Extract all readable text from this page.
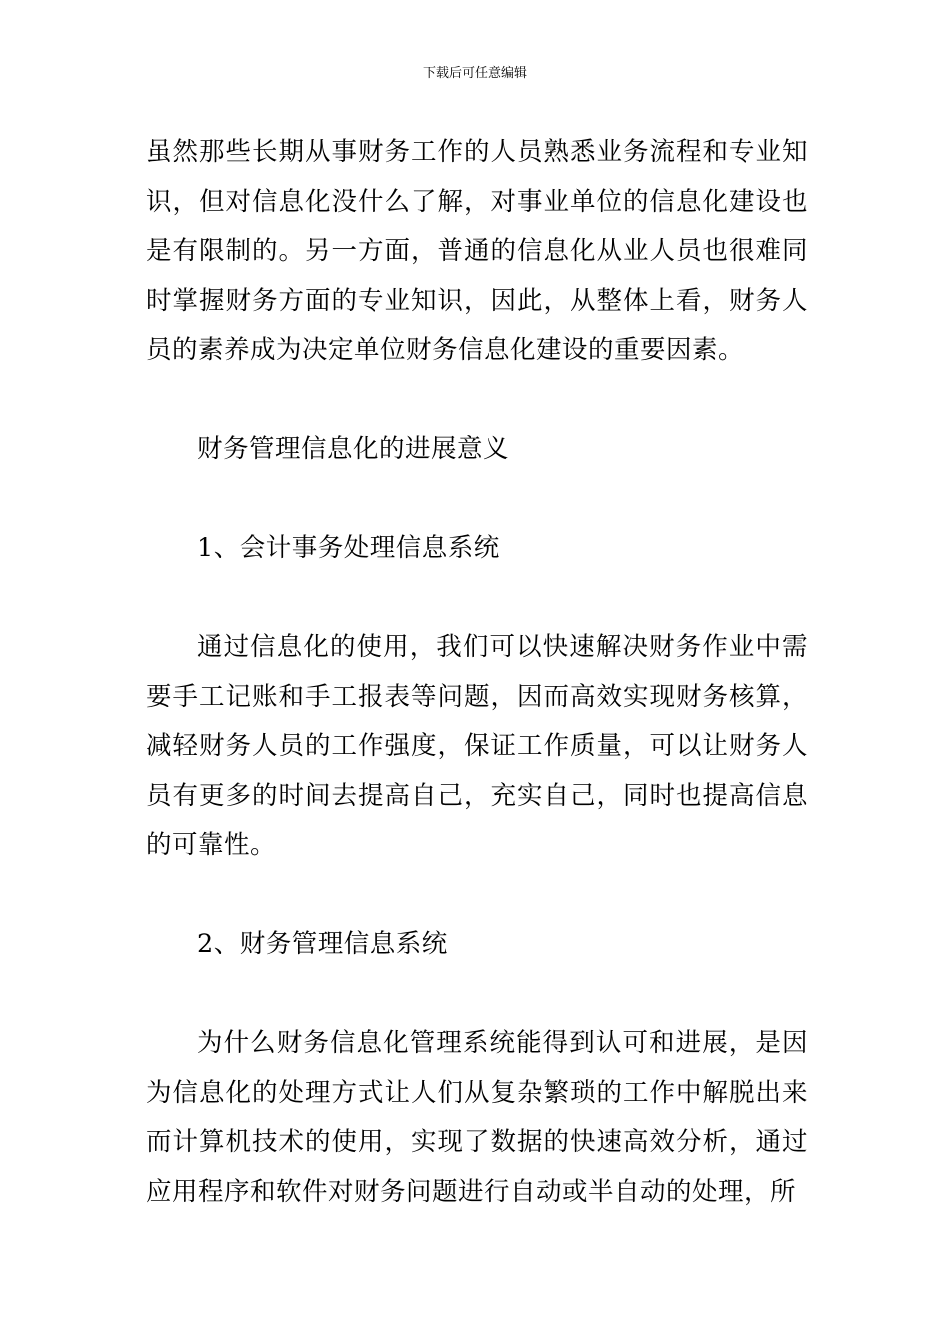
下载后可任意编辑

虽然那些长期从事财务工作的人员熟悉业务流程和专业知识，但对信息化没什么了解，对事业单位的信息化建设也是有限制的。另一方面，普通的信息化从业人员也很难同时掌握财务方面的专业知识，因此，从整体上看，财务人员的素养成为决定单位财务信息化建设的重要因素。

财务管理信息化的进展意义

1、会计事务处理信息系统

通过信息化的使用，我们可以快速解决财务作业中需要手工记账和手工报表等问题，因而高效实现财务核算，减轻财务人员的工作强度，保证工作质量，可以让财务人员有更多的时间去提高自己，充实自己，同时也提高信息的可靠性。

2、财务管理信息系统

为什么财务信息化管理系统能得到认可和进展，是因为信息化的处理方式让人们从复杂繁琐的工作中解脱出来而计算机技术的使用，实现了数据的快速高效分析，通过应用程序和软件对财务问题进行自动或半自动的处理，所
